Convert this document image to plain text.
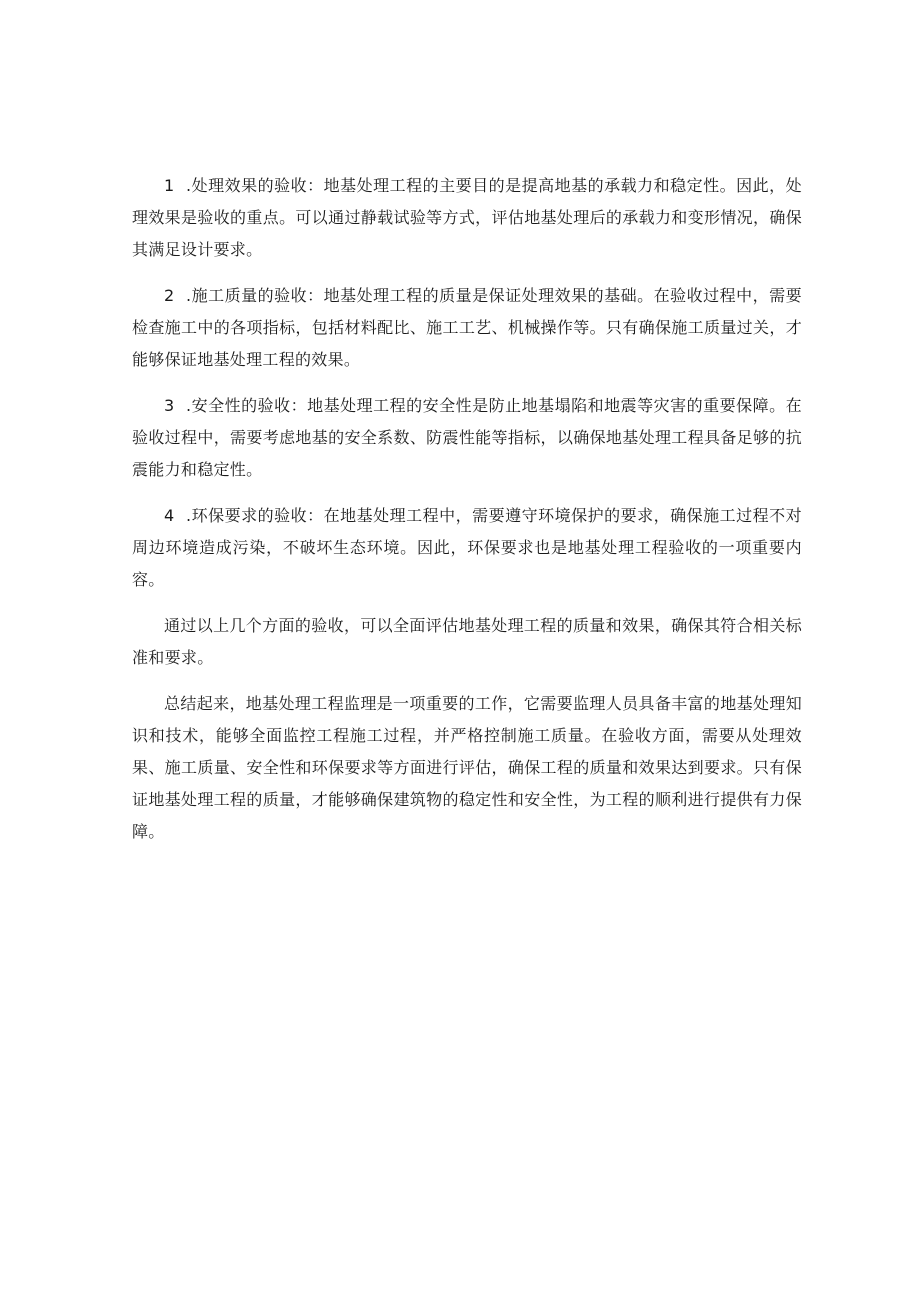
1 .处理效果的验收：地基处理工程的主要目的是提高地基的承载力和稳定性。因此，处理效果是验收的重点。可以通过静载试验等方式，评估地基处理后的承载力和变形情况，确保其满足设计要求。

2 .施工质量的验收：地基处理工程的质量是保证处理效果的基础。在验收过程中，需要检查施工中的各项指标，包括材料配比、施工工艺、机械操作等。只有确保施工质量过关，才能够保证地基处理工程的效果。

3 .安全性的验收：地基处理工程的安全性是防止地基塌陷和地震等灾害的重要保障。在验收过程中，需要考虑地基的安全系数、防震性能等指标，以确保地基处理工程具备足够的抗震能力和稳定性。

4 .环保要求的验收：在地基处理工程中，需要遵守环境保护的要求，确保施工过程不对周边环境造成污染，不破坏生态环境。因此，环保要求也是地基处理工程验收的一项重要内容。

通过以上几个方面的验收，可以全面评估地基处理工程的质量和效果，确保其符合相关标准和要求。

总结起来，地基处理工程监理是一项重要的工作，它需要监理人员具备丰富的地基处理知识和技术，能够全面监控工程施工过程，并严格控制施工质量。在验收方面，需要从处理效果、施工质量、安全性和环保要求等方面进行评估，确保工程的质量和效果达到要求。只有保证地基处理工程的质量，才能够确保建筑物的稳定性和安全性，为工程的顺利进行提供有力保障。
